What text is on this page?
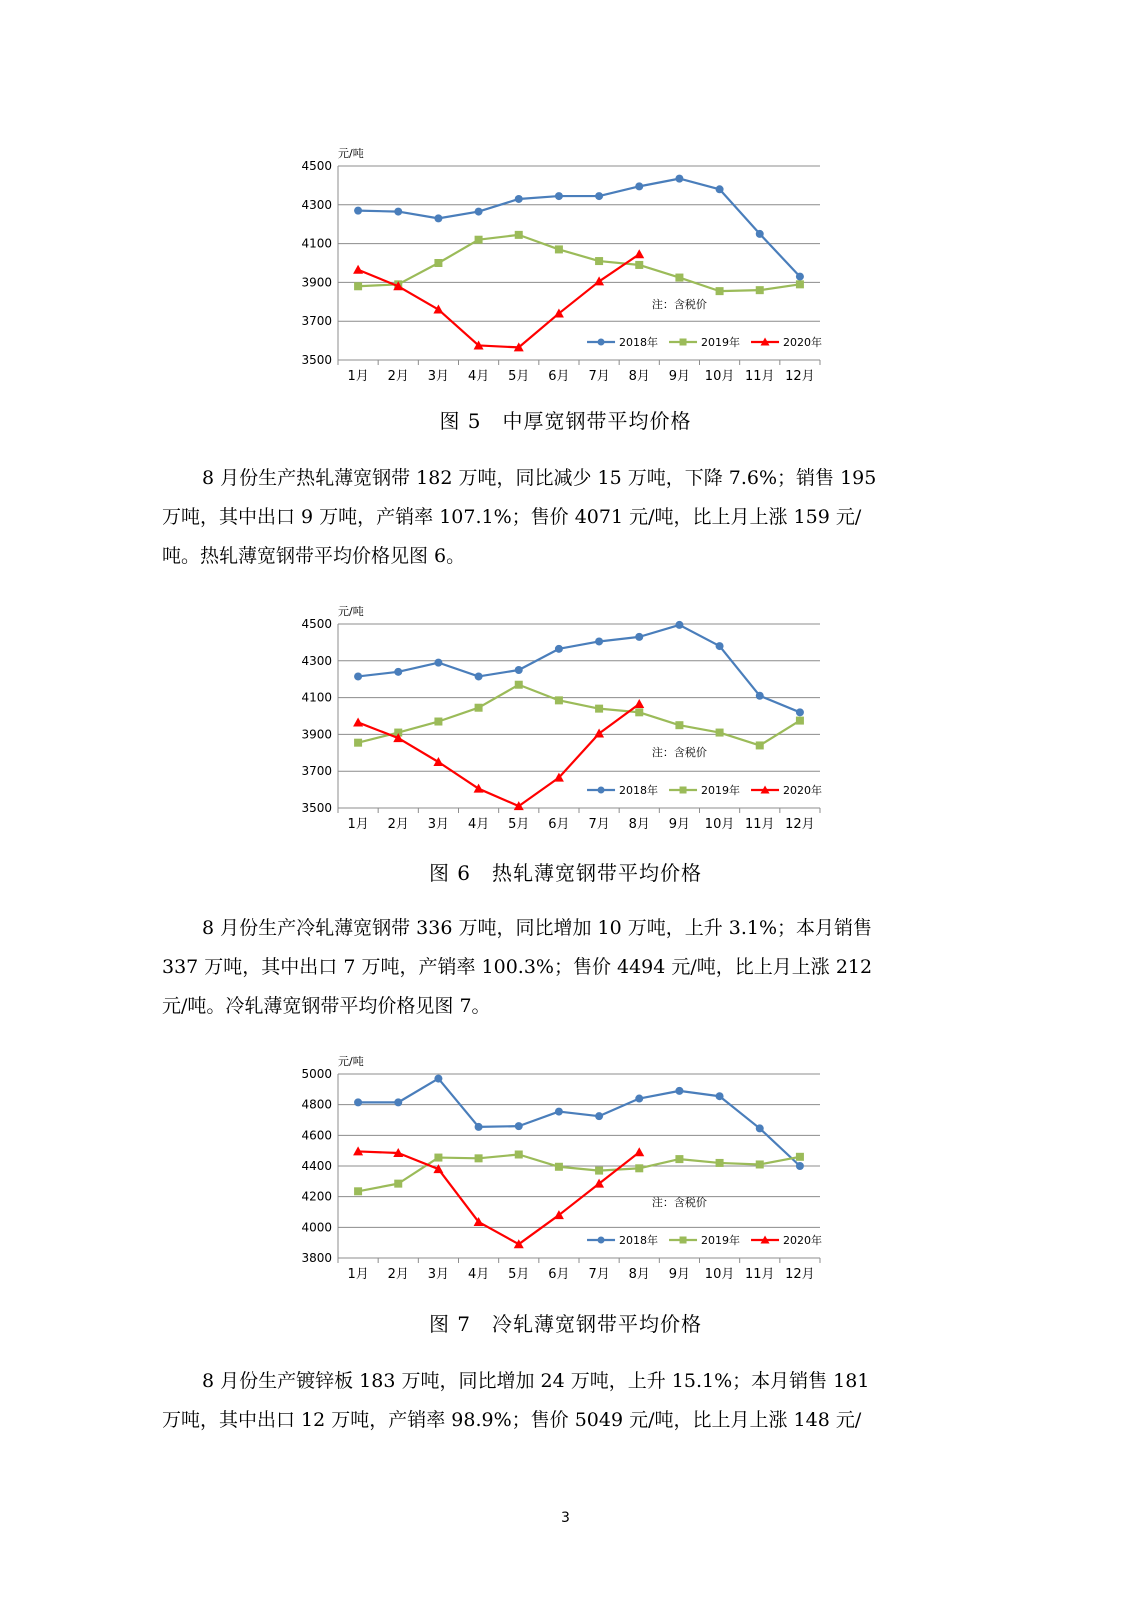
元/吨
3500
3700
3900
4100
4300
4500
1月 2月 3月 4月 5月 6月 7月 8月 9月 10月 11月 12月
注：含税价
2018年	2019年	2020年
图 5　中厚宽钢带平均价格
8 月份生产热轧薄宽钢带 182 万吨，同比减少 15 万吨，下降 7.6%；销售 195
万吨，其中出口 9 万吨，产销率 107.1%；售价 4071 元/吨，比上月上涨 159 元/
吨。热轧薄宽钢带平均价格见图 6。
元/吨
3500
3700
3900
4100
4300
4500
1月 2月 3月 4月 5月 6月 7月 8月 9月 10月 11月 12月
注：含税价
2018年	2019年	2020年
图 6　热轧薄宽钢带平均价格
8 月份生产冷轧薄宽钢带 336 万吨，同比增加 10 万吨，上升 3.1%；本月销售
337 万吨，其中出口 7 万吨，产销率 100.3%；售价 4494 元/吨，比上月上涨 212
元/吨。冷轧薄宽钢带平均价格见图 7。
元/吨
3800
4000
4200
4400
4600
4800
5000
1月 2月 3月 4月 5月 6月 7月 8月 9月 10月 11月 12月
注：含税价
2018年	2019年	2020年
图 7　冷轧薄宽钢带平均价格
8 月份生产镀锌板 183 万吨，同比增加 24 万吨，上升 15.1%；本月销售 181
万吨，其中出口 12 万吨，产销率 98.9%；售价 5049 元/吨，比上月上涨 148 元/
3
